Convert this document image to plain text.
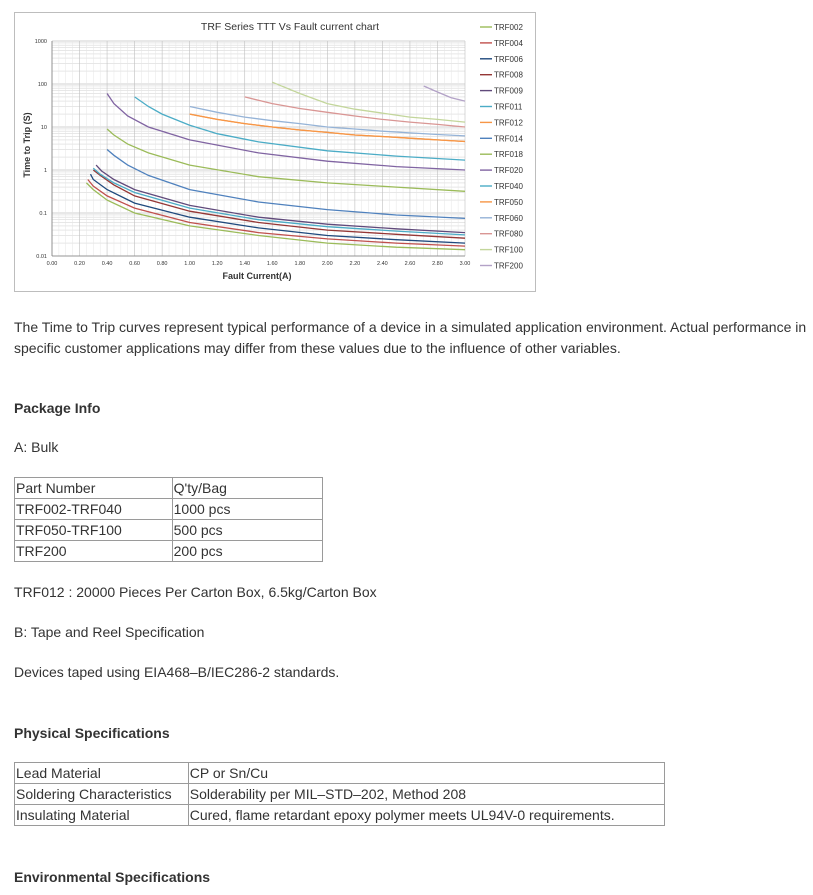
0.00	0.20	0.40	0.60	0.80	1.00	1.20	1.40	1.60	1.80	2.00	2.20	2.40	2.60	2.80	3.00
0.01
0.1
1
10
100
1000
TRF002
TRF004
TRF006
TRF008
TRF009
TRF011
TRF012
TRF014
TRF018
TRF020
TRF040
TRF050
TRF060
TRF080
TRF100
TRF200
TRF Series TTT Vs Fault current chart
Fault Current(A)
Time to Trip (S)

The Time to Trip curves represent typical performance of a device in a simulated application environment. Actual performance in specific customer applications may differ from these values due to the influence of other variables.

Package Info

A: Bulk

Part Number	Q'ty/Bag
TRF002-TRF040	1000 pcs
TRF050-TRF100	500 pcs
TRF200	200 pcs

TRF012 : 20000 Pieces Per Carton Box, 6.5kg/Carton Box

B: Tape and Reel Specification

Devices taped using EIA468–B/IEC286-2 standards.

Physical Specifications

Lead Material	CP or Sn/Cu
Soldering Characteristics	Solderability per MIL–STD–202, Method 208
Insulating Material	Cured, flame retardant epoxy polymer meets UL94V-0 requirements.

Environmental Specifications
